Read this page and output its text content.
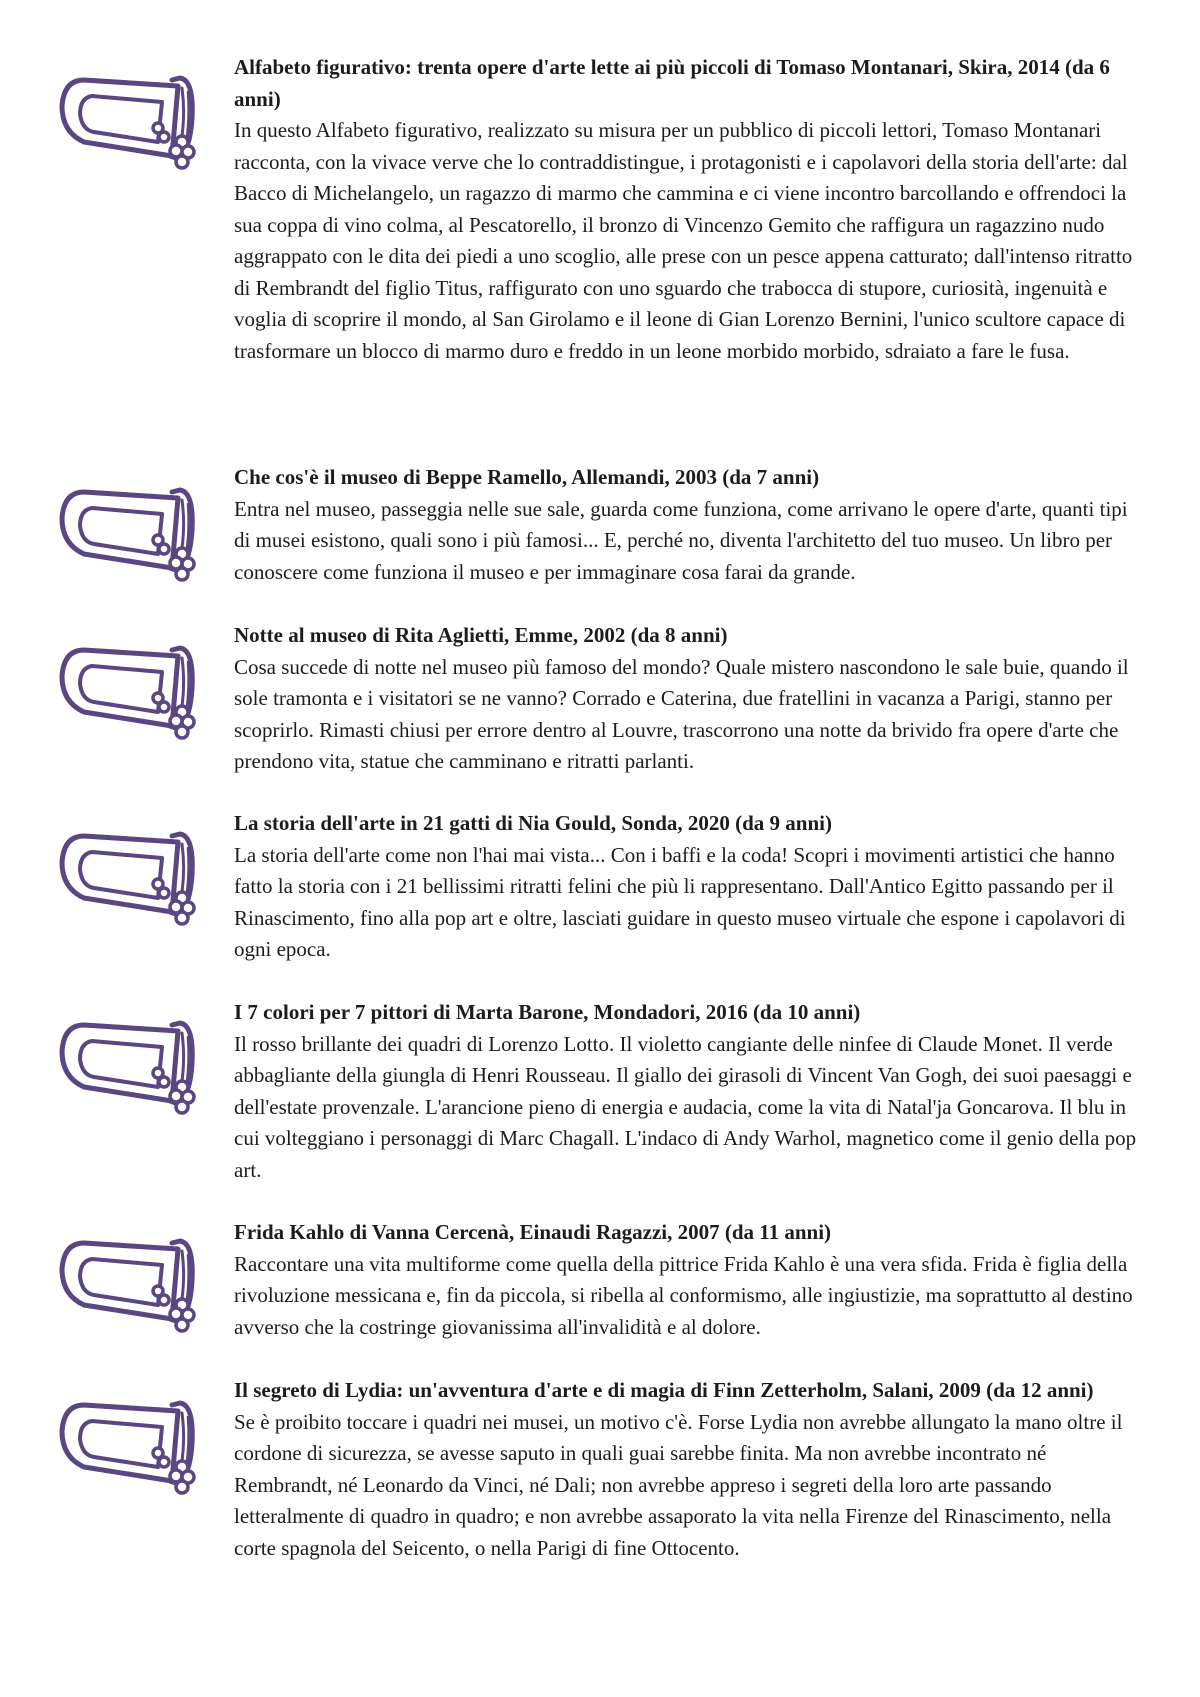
Alfabeto figurativo: trenta opere d'arte lette ai più piccoli di Tomaso Montanari, Skira, 2014 (da 6 anni)

In questo Alfabeto figurativo, realizzato su misura per un pubblico di piccoli lettori, Tomaso Montanari racconta, con la vivace verve che lo contraddistingue, i protagonisti e i capolavori della storia dell'arte: dal Bacco di Michelangelo, un ragazzo di marmo che cammina e ci viene incontro barcollando e offrendoci la sua coppa di vino colma, al Pescatorello, il bronzo di Vincenzo Gemito che raffigura un ragazzino nudo aggrappato con le dita dei piedi a uno scoglio, alle prese con un pesce appena catturato; dall'intenso ritratto di Rembrandt del figlio Titus, raffigurato con uno sguardo che trabocca di stupore, curiosità, ingenuità e voglia di scoprire il mondo, al San Girolamo e il leone di Gian Lorenzo Bernini, l'unico scultore capace di trasformare un blocco di marmo duro e freddo in un leone morbido morbido, sdraiato a fare le fusa.

Che cos'è il museo di Beppe Ramello, Allemandi, 2003 (da 7 anni)

Entra nel museo, passeggia nelle sue sale, guarda come funziona, come arrivano le opere d'arte, quanti tipi di musei esistono, quali sono i più famosi... E, perché no, diventa l'architetto del tuo museo. Un libro per conoscere come funziona il museo e per immaginare cosa farai da grande.

Notte al museo di Rita Aglietti, Emme, 2002 (da 8 anni)

Cosa succede di notte nel museo più famoso del mondo? Quale mistero nascondono le sale buie, quando il sole tramonta e i visitatori se ne vanno? Corrado e Caterina, due fratellini in vacanza a Parigi, stanno per scoprirlo. Rimasti chiusi per errore dentro al Louvre, trascorrono una notte da brivido fra opere d'arte che prendono vita, statue che camminano e ritratti parlanti.

La storia dell'arte in 21 gatti di Nia Gould, Sonda, 2020 (da 9 anni)

La storia dell'arte come non l'hai mai vista... Con i baffi e la coda! Scopri i movimenti artistici che hanno fatto la storia con i 21 bellissimi ritratti felini che più li rappresentano. Dall'Antico Egitto passando per il Rinascimento, fino alla pop art e oltre, lasciati guidare in questo museo virtuale che espone i capolavori di ogni epoca.

I 7 colori per 7 pittori di Marta Barone, Mondadori, 2016 (da 10 anni)

Il rosso brillante dei quadri di Lorenzo Lotto. Il violetto cangiante delle ninfee di Claude Monet. Il verde abbagliante della giungla di Henri Rousseau. Il giallo dei girasoli di Vincent Van Gogh, dei suoi paesaggi e dell'estate provenzale. L'arancione pieno di energia e audacia, come la vita di Natal'ja Goncarova. Il blu in cui volteggiano i personaggi di Marc Chagall. L'indaco di Andy Warhol, magnetico come il genio della pop art.

Frida Kahlo di Vanna Cercenà, Einaudi Ragazzi, 2007 (da 11 anni)

Raccontare una vita multiforme come quella della pittrice Frida Kahlo è una vera sfida. Frida è figlia della rivoluzione messicana e, fin da piccola, si ribella al conformismo, alle ingiustizie, ma soprattutto al destino avverso che la costringe giovanissima all'invalidità e al dolore.

Il segreto di Lydia: un'avventura d'arte e di magia di Finn Zetterholm, Salani, 2009 (da 12 anni)

Se è proibito toccare i quadri nei musei, un motivo c'è. Forse Lydia non avrebbe allungato la mano oltre il cordone di sicurezza, se avesse saputo in quali guai sarebbe finita. Ma non avrebbe incontrato né Rembrandt, né Leonardo da Vinci, né Dali; non avrebbe appreso i segreti della loro arte passando letteralmente di quadro in quadro; e non avrebbe assaporato la vita nella Firenze del Rinascimento, nella corte spagnola del Seicento, o nella Parigi di fine Ottocento.
